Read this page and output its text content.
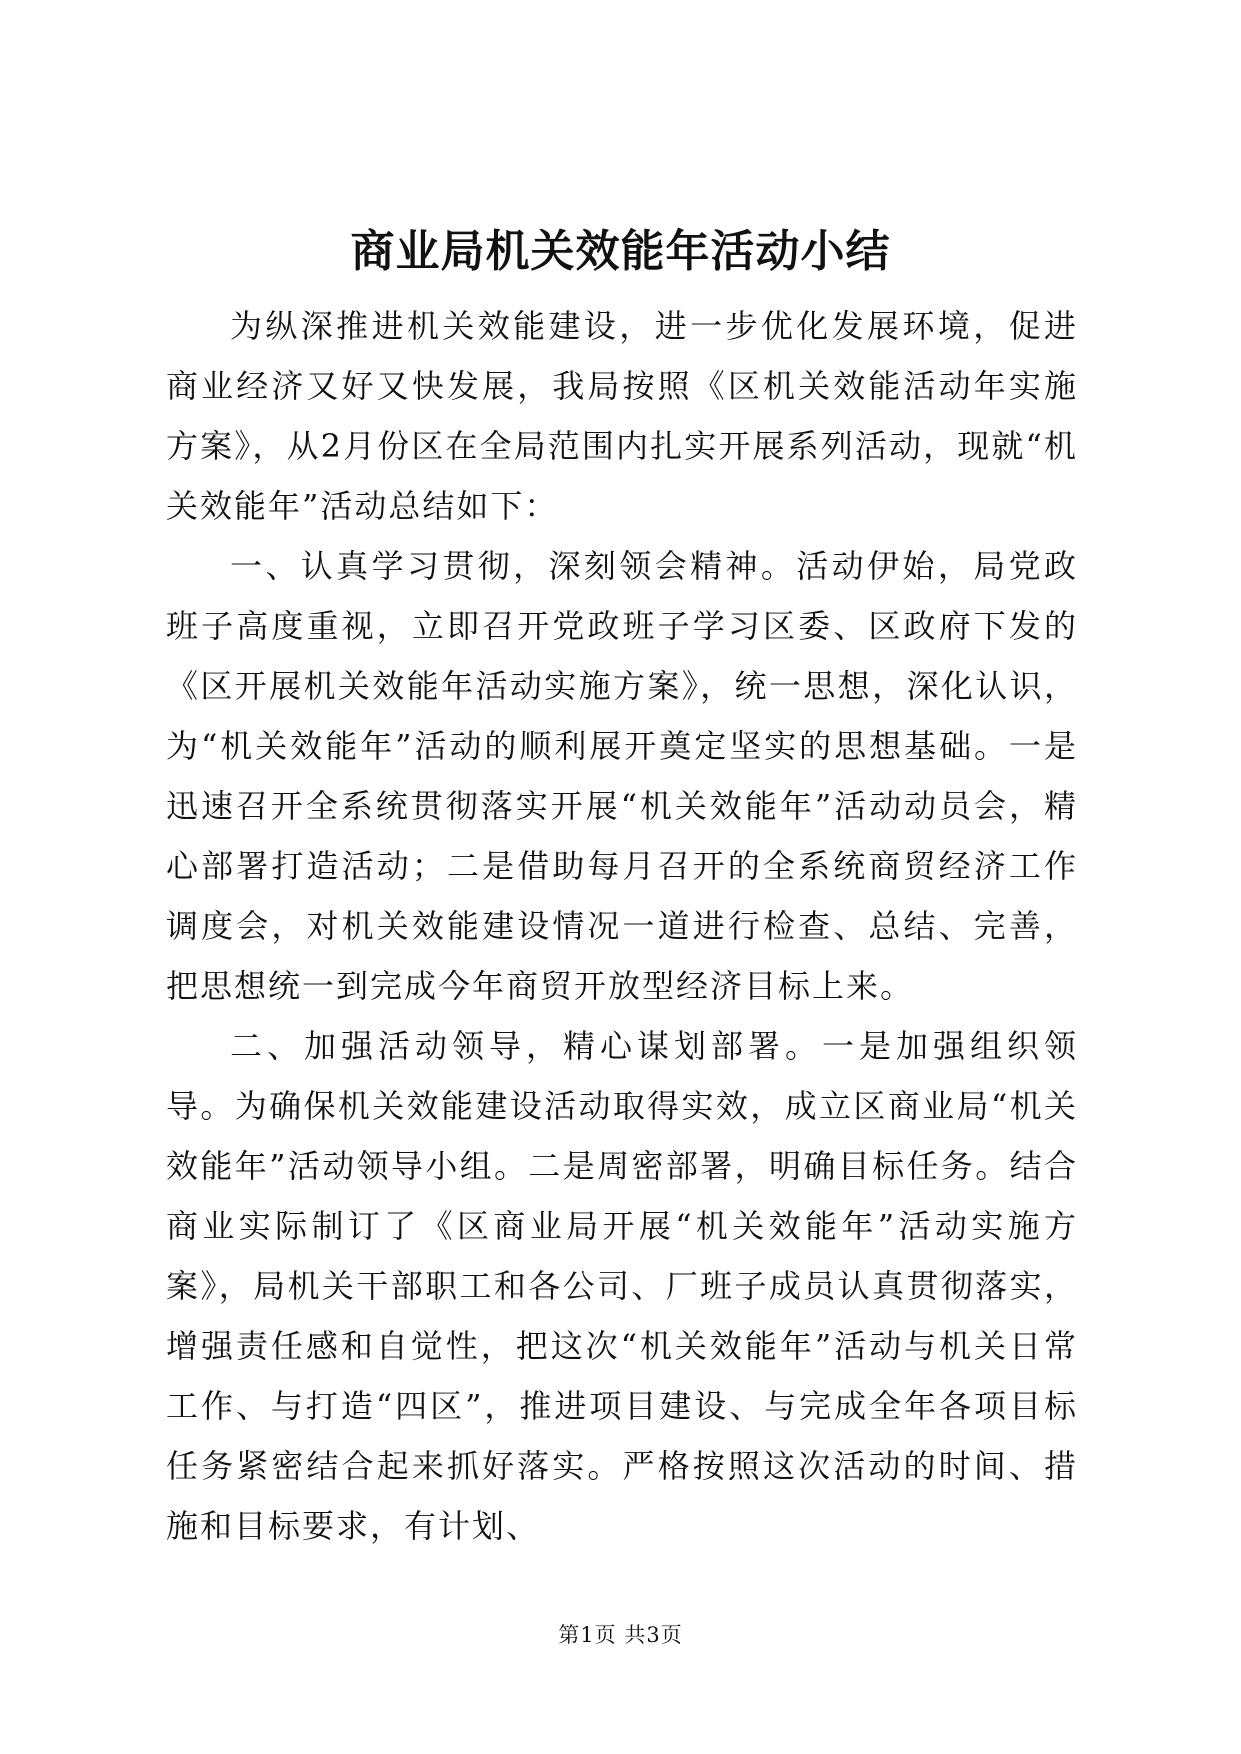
商业局机关效能年活动小结

为纵深推进机关效能建设，进一步优化发展环境，促进商业经济又好又快发展，我局按照《区机关效能活动年实施方案》，从2月份区在全局范围内扎实开展系列活动，现就“机关效能年”活动总结如下：

一、认真学习贯彻，深刻领会精神。活动伊始，局党政班子高度重视，立即召开党政班子学习区委、区政府下发的《区开展机关效能年活动实施方案》，统一思想，深化认识，为“机关效能年”活动的顺利展开奠定坚实的思想基础。一是迅速召开全系统贯彻落实开展“机关效能年”活动动员会，精心部署打造活动；二是借助每月召开的全系统商贸经济工作调度会，对机关效能建设情况一道进行检查、总结、完善，把思想统一到完成今年商贸开放型经济目标上来。

二、加强活动领导，精心谋划部署。一是加强组织领导。为确保机关效能建设活动取得实效，成立区商业局“机关效能年”活动领导小组。二是周密部署，明确目标任务。结合商业实际制订了《区商业局开展“机关效能年”活动实施方案》，局机关干部职工和各公司、厂班子成员认真贯彻落实，增强责任感和自觉性，把这次“机关效能年”活动与机关日常工作、与打造“四区”，推进项目建设、与完成全年各项目标任务紧密结合起来抓好落实。严格按照这次活动的时间、措施和目标要求，有计划、

第1页 共3页
